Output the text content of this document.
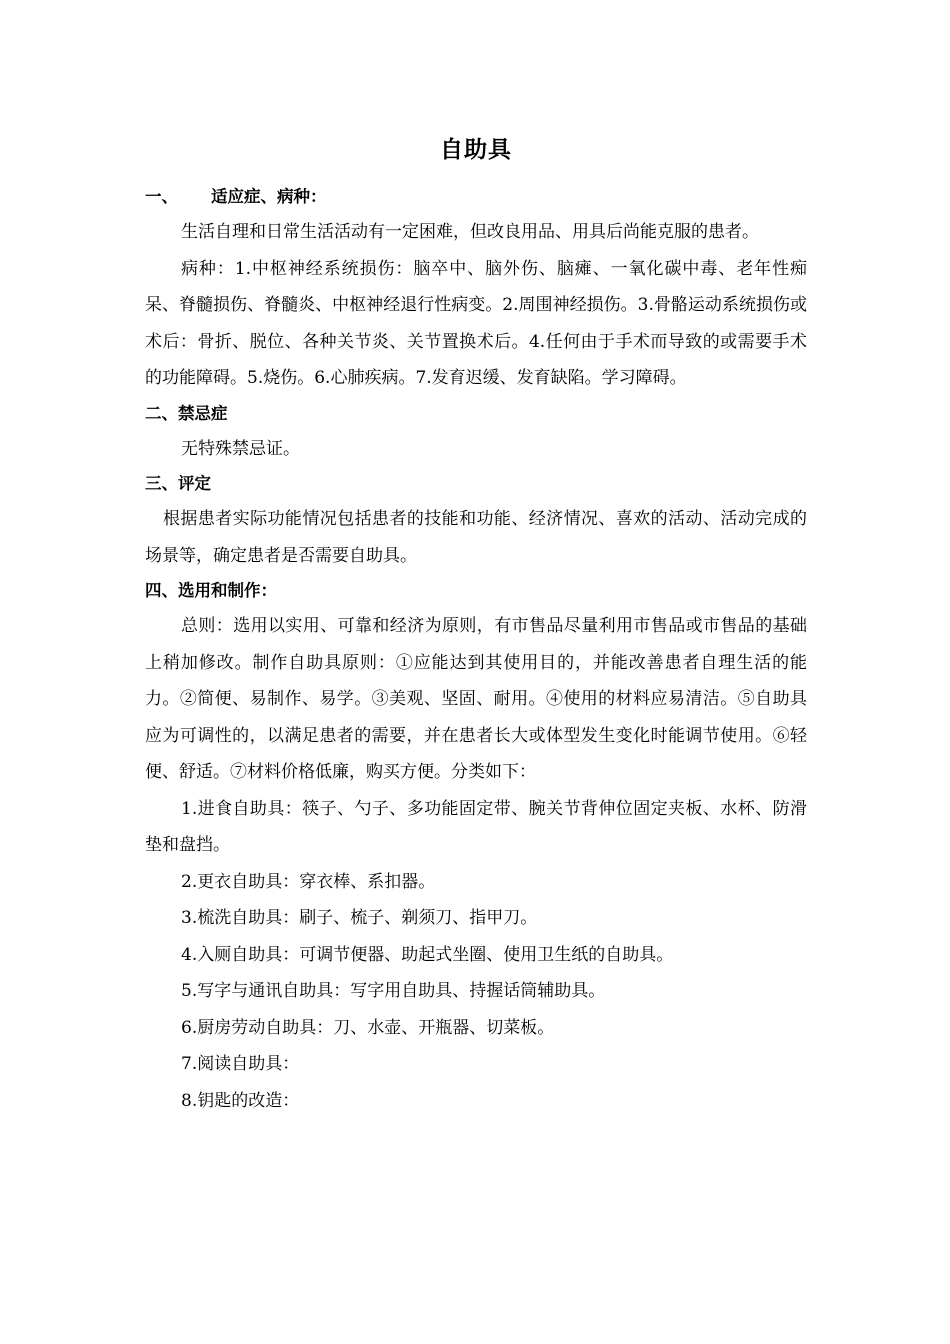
自助具

一、 适应症、病种：

生活自理和日常生活活动有一定困难，但改良用品、用具后尚能克服的患者。

病种：1.中枢神经系统损伤：脑卒中、脑外伤、脑瘫、一氧化碳中毒、老年性痴呆、脊髓损伤、脊髓炎、中枢神经退行性病变。2.周围神经损伤。3.骨骼运动系统损伤或术后：骨折、脱位、各种关节炎、关节置换术后。4.任何由于手术而导致的或需要手术的功能障碍。5.烧伤。6.心肺疾病。7.发育迟缓、发育缺陷。学习障碍。

二、禁忌症

无特殊禁忌证。

三、评定

根据患者实际功能情况包括患者的技能和功能、经济情况、喜欢的活动、活动完成的场景等，确定患者是否需要自助具。

四、选用和制作：

总则：选用以实用、可靠和经济为原则，有市售品尽量利用市售品或市售品的基础上稍加修改。制作自助具原则：①应能达到其使用目的，并能改善患者自理生活的能力。②简便、易制作、易学。③美观、坚固、耐用。④使用的材料应易清洁。⑤自助具应为可调性的，以满足患者的需要，并在患者长大或体型发生变化时能调节使用。⑥轻便、舒适。⑦材料价格低廉，购买方便。分类如下：

1.进食自助具：筷子、勺子、多功能固定带、腕关节背伸位固定夹板、水杯、防滑垫和盘挡。

2.更衣自助具：穿衣棒、系扣器。

3.梳洗自助具：刷子、梳子、剃须刀、指甲刀。

4.入厕自助具：可调节便器、助起式坐圈、使用卫生纸的自助具。

5.写字与通讯自助具：写字用自助具、持握话筒辅助具。

6.厨房劳动自助具：刀、水壶、开瓶器、切菜板。

7.阅读自助具：

8.钥匙的改造：
